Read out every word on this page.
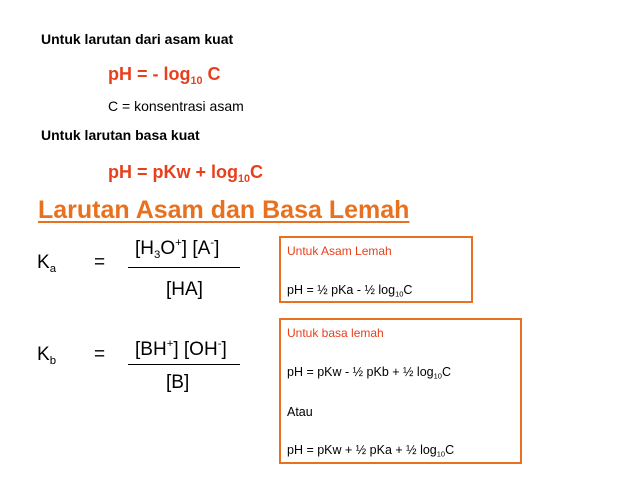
Untuk larutan dari asam kuat
pH = - $\log_{10} C$
C = konsentrasi asam
Untuk larutan basa kuat
pH = pKw + $\log_{10}C$
Larutan Asam dan Basa Lemah
$K_a$ =
$[H_3O^+]$ [A-]
[HA]
$K_b = [BH^+]$ [OH-]
[B]
Untuk Asam Lemah
pH = ½ pKa - ½ $\log_{10}C$
Untuk basa lemah
pH = pKw - ½ pKb + ½ $\log_{10}C$
Atau
pH = pKw + ½ pKa + ½ $\log_{10}C$
